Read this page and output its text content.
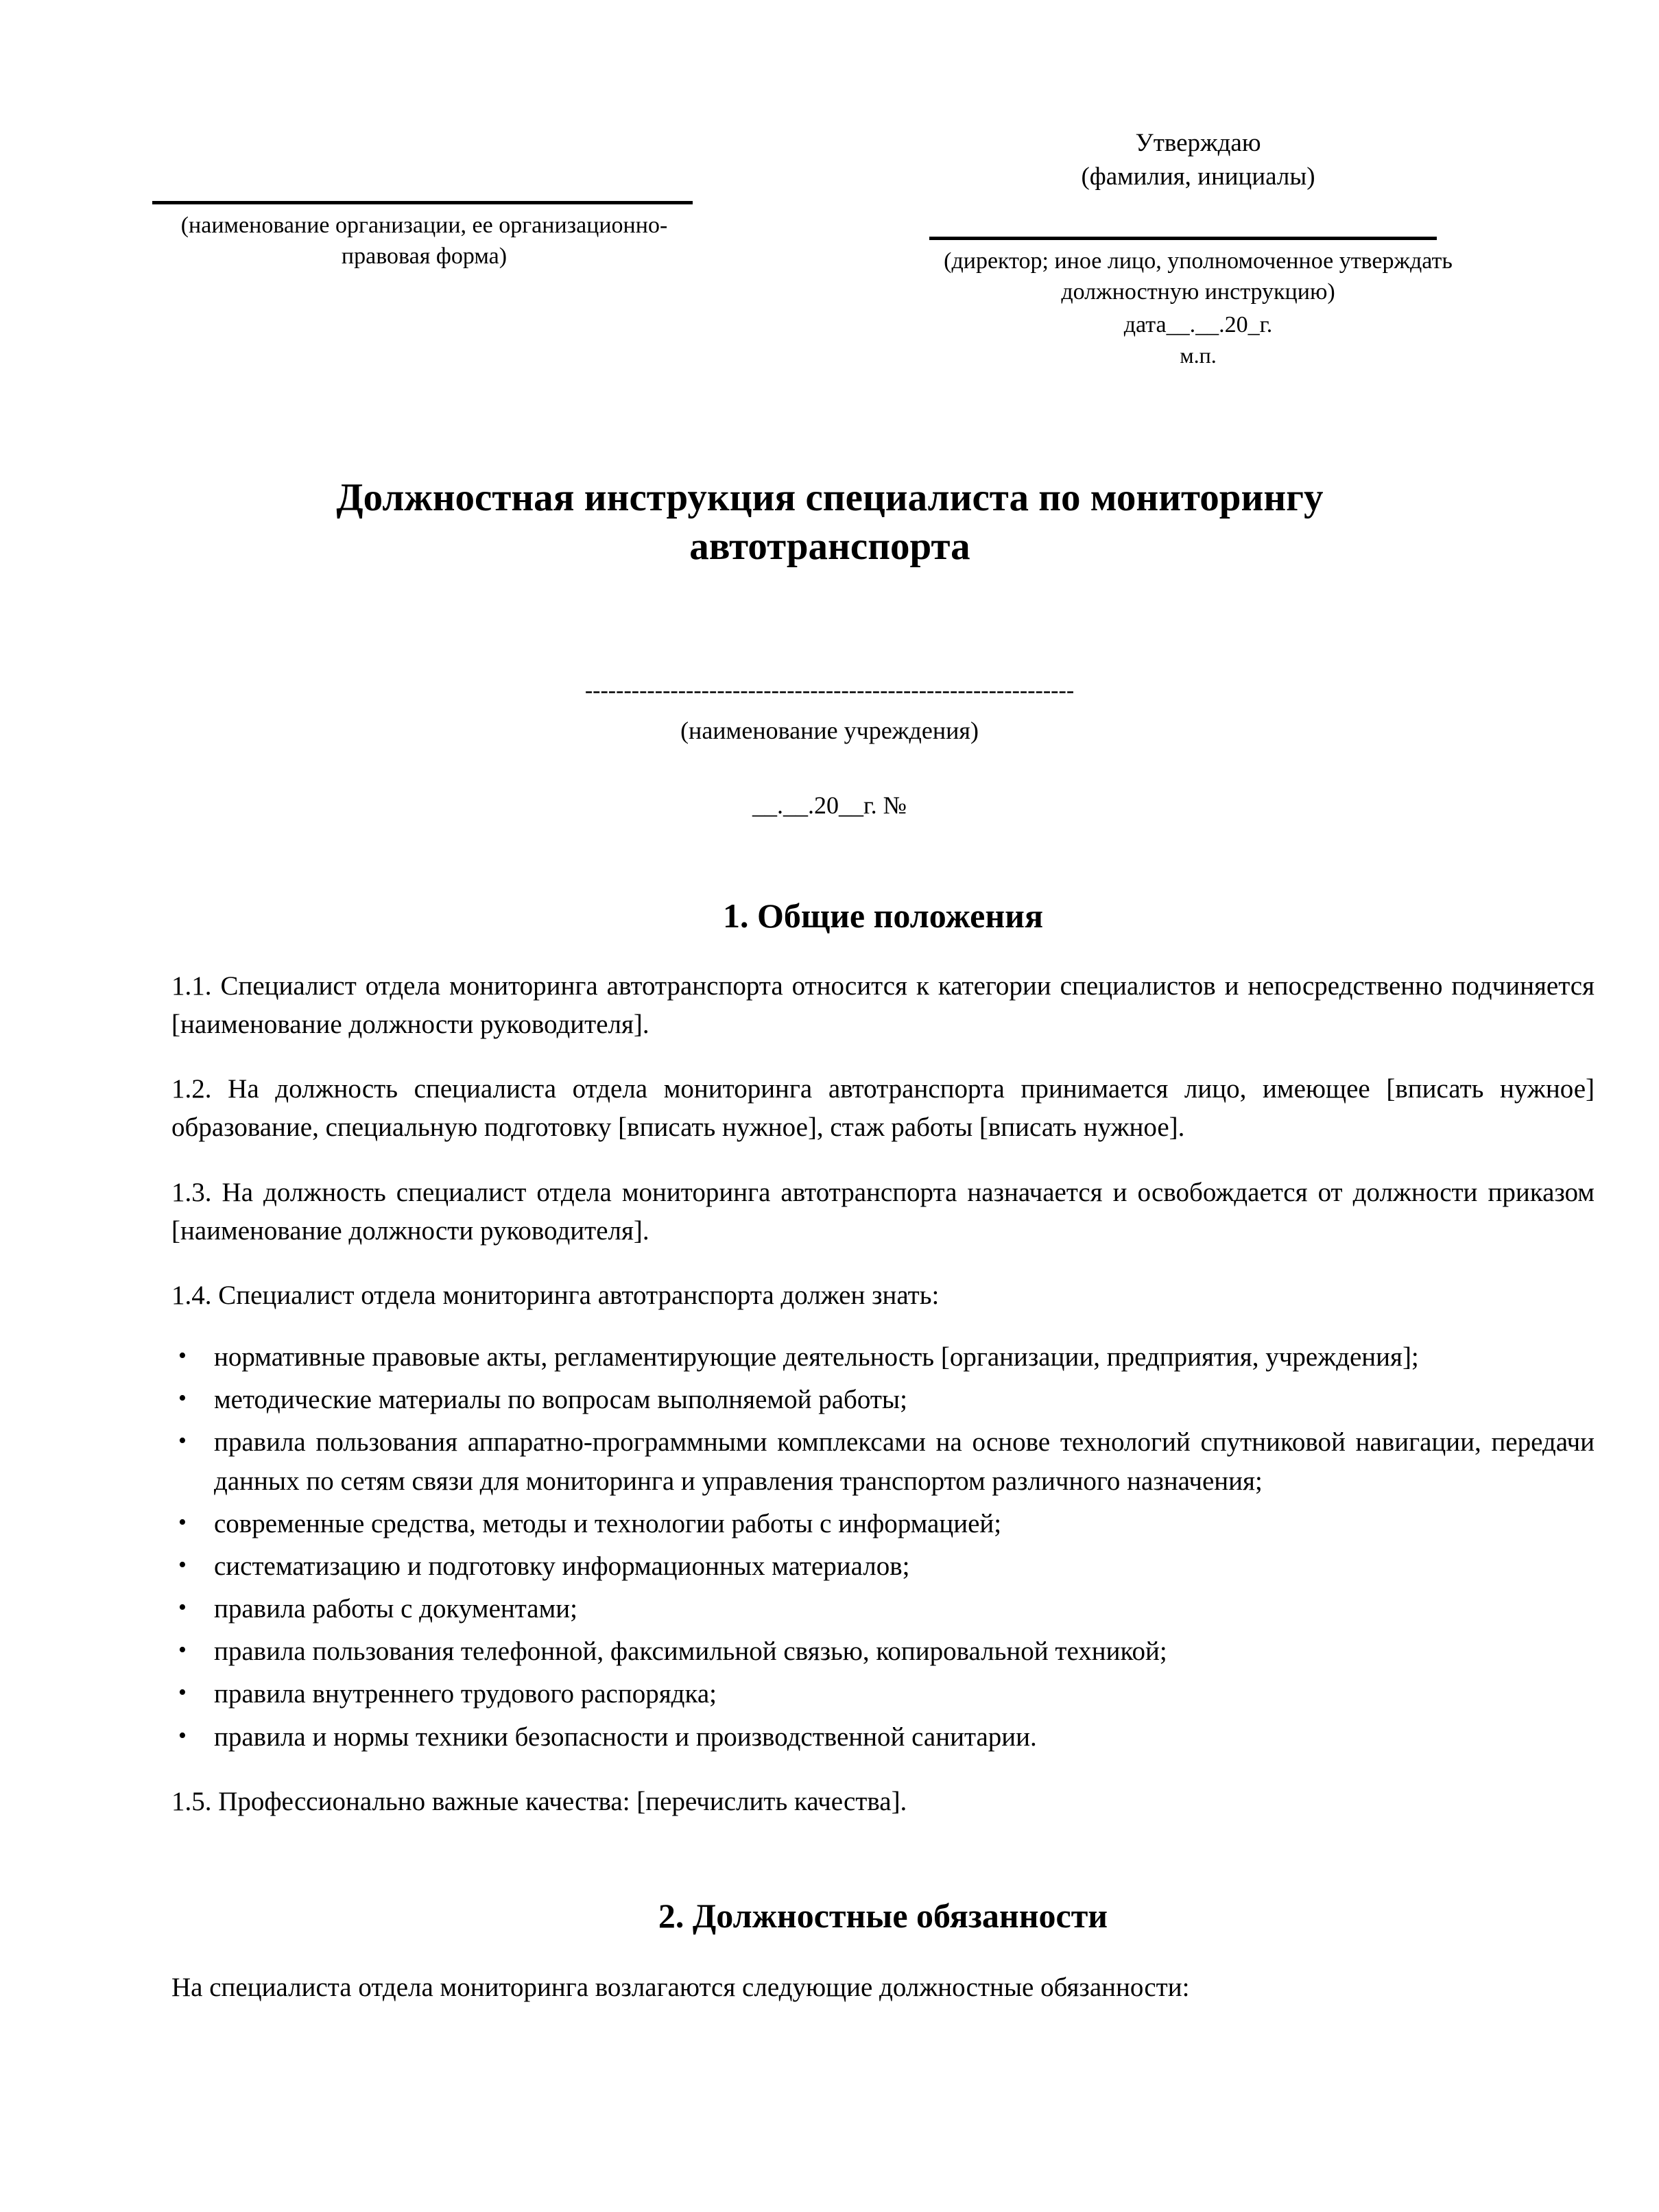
(наименование организации, ее организационно-
правовая форма)
Утверждаю
(фамилия, инициалы)
(директор; иное лицо, уполномоченное утверждать
должностную инструкцию)
дата__.__.20_г.
м.п.
Должностная инструкция специалиста по мониторингу
автотранспорта
---------------------------------------------------------------
(наименование учреждения)
__.__.20__г. №
1. Общие положения

1.1. Специалист отдела мониторинга автотранспорта относится к категории специалистов и непосредственно подчиняется [наименование должности руководителя].

1.2. На должность специалиста отдела мониторинга автотранспорта принимается лицо, имеющее [вписать нужное] образование, специальную подготовку [вписать нужное], стаж работы [вписать нужное].

1.3. На должность специалист отдела мониторинга автотранспорта назначается и освобождается от должности приказом [наименование должности руководителя].

1.4. Специалист отдела мониторинга автотранспорта должен знать:

• нормативные правовые акты, регламентирующие деятельность [организации, предприятия, учреждения];
• методические материалы по вопросам выполняемой работы;
• правила пользования аппаратно-программными комплексами на основе технологий спутниковой навигации, передачи данных по сетям связи для мониторинга и управления транспортом различного назначения;
• современные средства, методы и технологии работы с информацией;
• систематизацию и подготовку информационных материалов;
• правила работы с документами;
• правила пользования телефонной, факсимильной связью, копировальной техникой;
• правила внутреннего трудового распорядка;
• правила и нормы техники безопасности и производственной санитарии.

1.5. Профессионально важные качества: [перечислить качества].

2. Должностные обязанности

На специалиста отдела мониторинга возлагаются следующие должностные обязанности:
